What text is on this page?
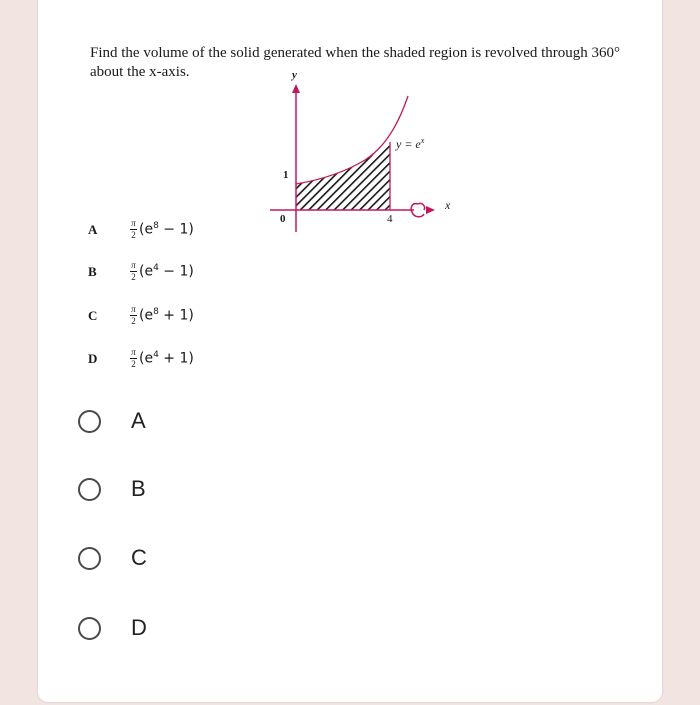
Find the volume of the solid generated when the shaded region is revolved through 360°
about the x-axis.	y
x
$y = e^x$
1
0	4
A	$\frac{\pi}{2} (e^8 - 1)$
B	$\frac{\pi}{2} (e^4 - 1)$
C	$\frac{\pi}{2} (e^8 + 1)$
D	$\frac{\pi}{2} (e^4 + 1)$
A
B
C
D
